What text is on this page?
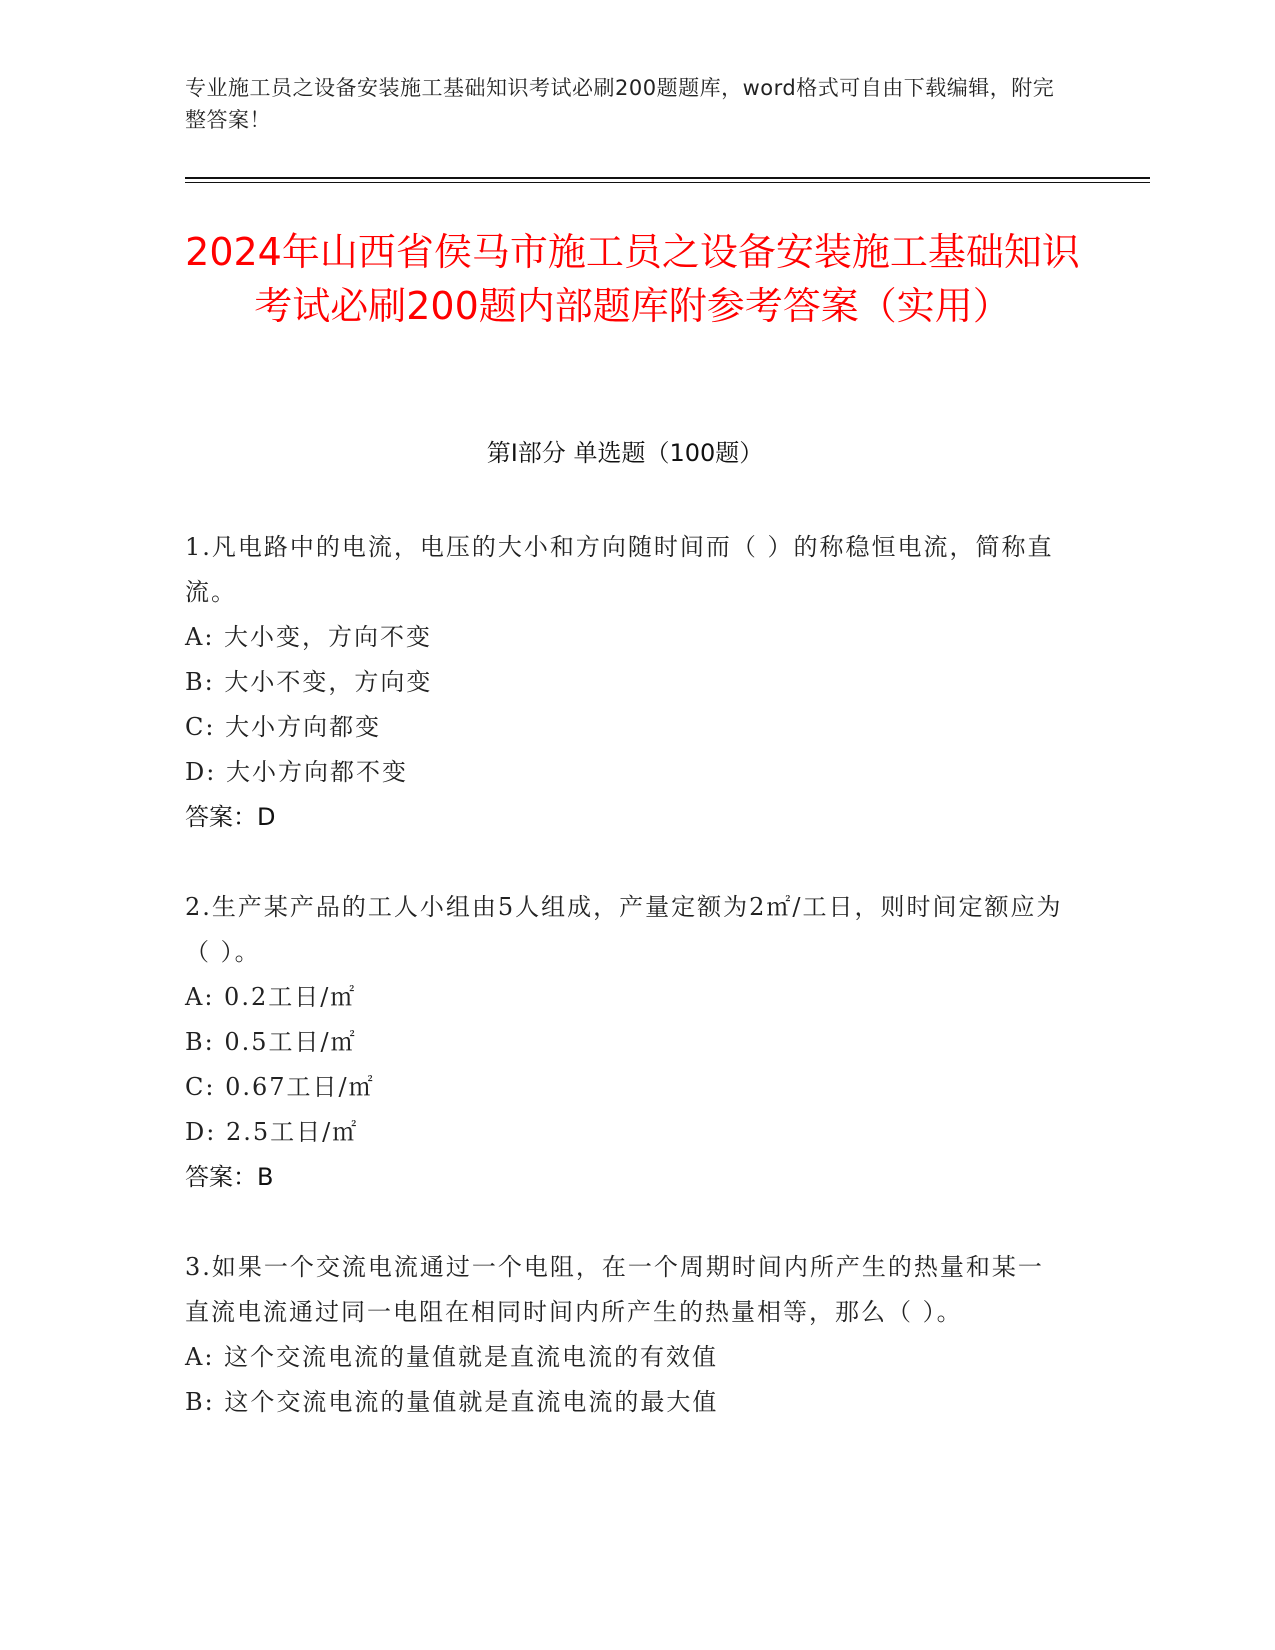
专业施工员之设备安装施工基础知识考试必刷200题题库，word格式可自由下载编辑，附完整答案！
2024年山西省侯马市施工员之设备安装施工基础知识考试必刷200题内部题库附参考答案（实用）
第I部分 单选题（100题）
1.凡电路中的电流，电压的大小和方向随时间而（ ）的称稳恒电流，简称直流。
A: 大小变，方向不变
B: 大小不变，方向变
C: 大小方向都变
D: 大小方向都不变
答案：D
2.生产某产品的工人小组由5人组成，产量定额为2㎡/工日，则时间定额应为（ ）。
A: 0.2工日/㎡
B: 0.5工日/㎡
C: 0.67工日/㎡
D: 2.5工日/㎡
答案：B
3.如果一个交流电流通过一个电阻，在一个周期时间内所产生的热量和某一直流电流通过同一电阻在相同时间内所产生的热量相等，那么（ ）。
A: 这个交流电流的量值就是直流电流的有效值
B: 这个交流电流的量值就是直流电流的最大值
